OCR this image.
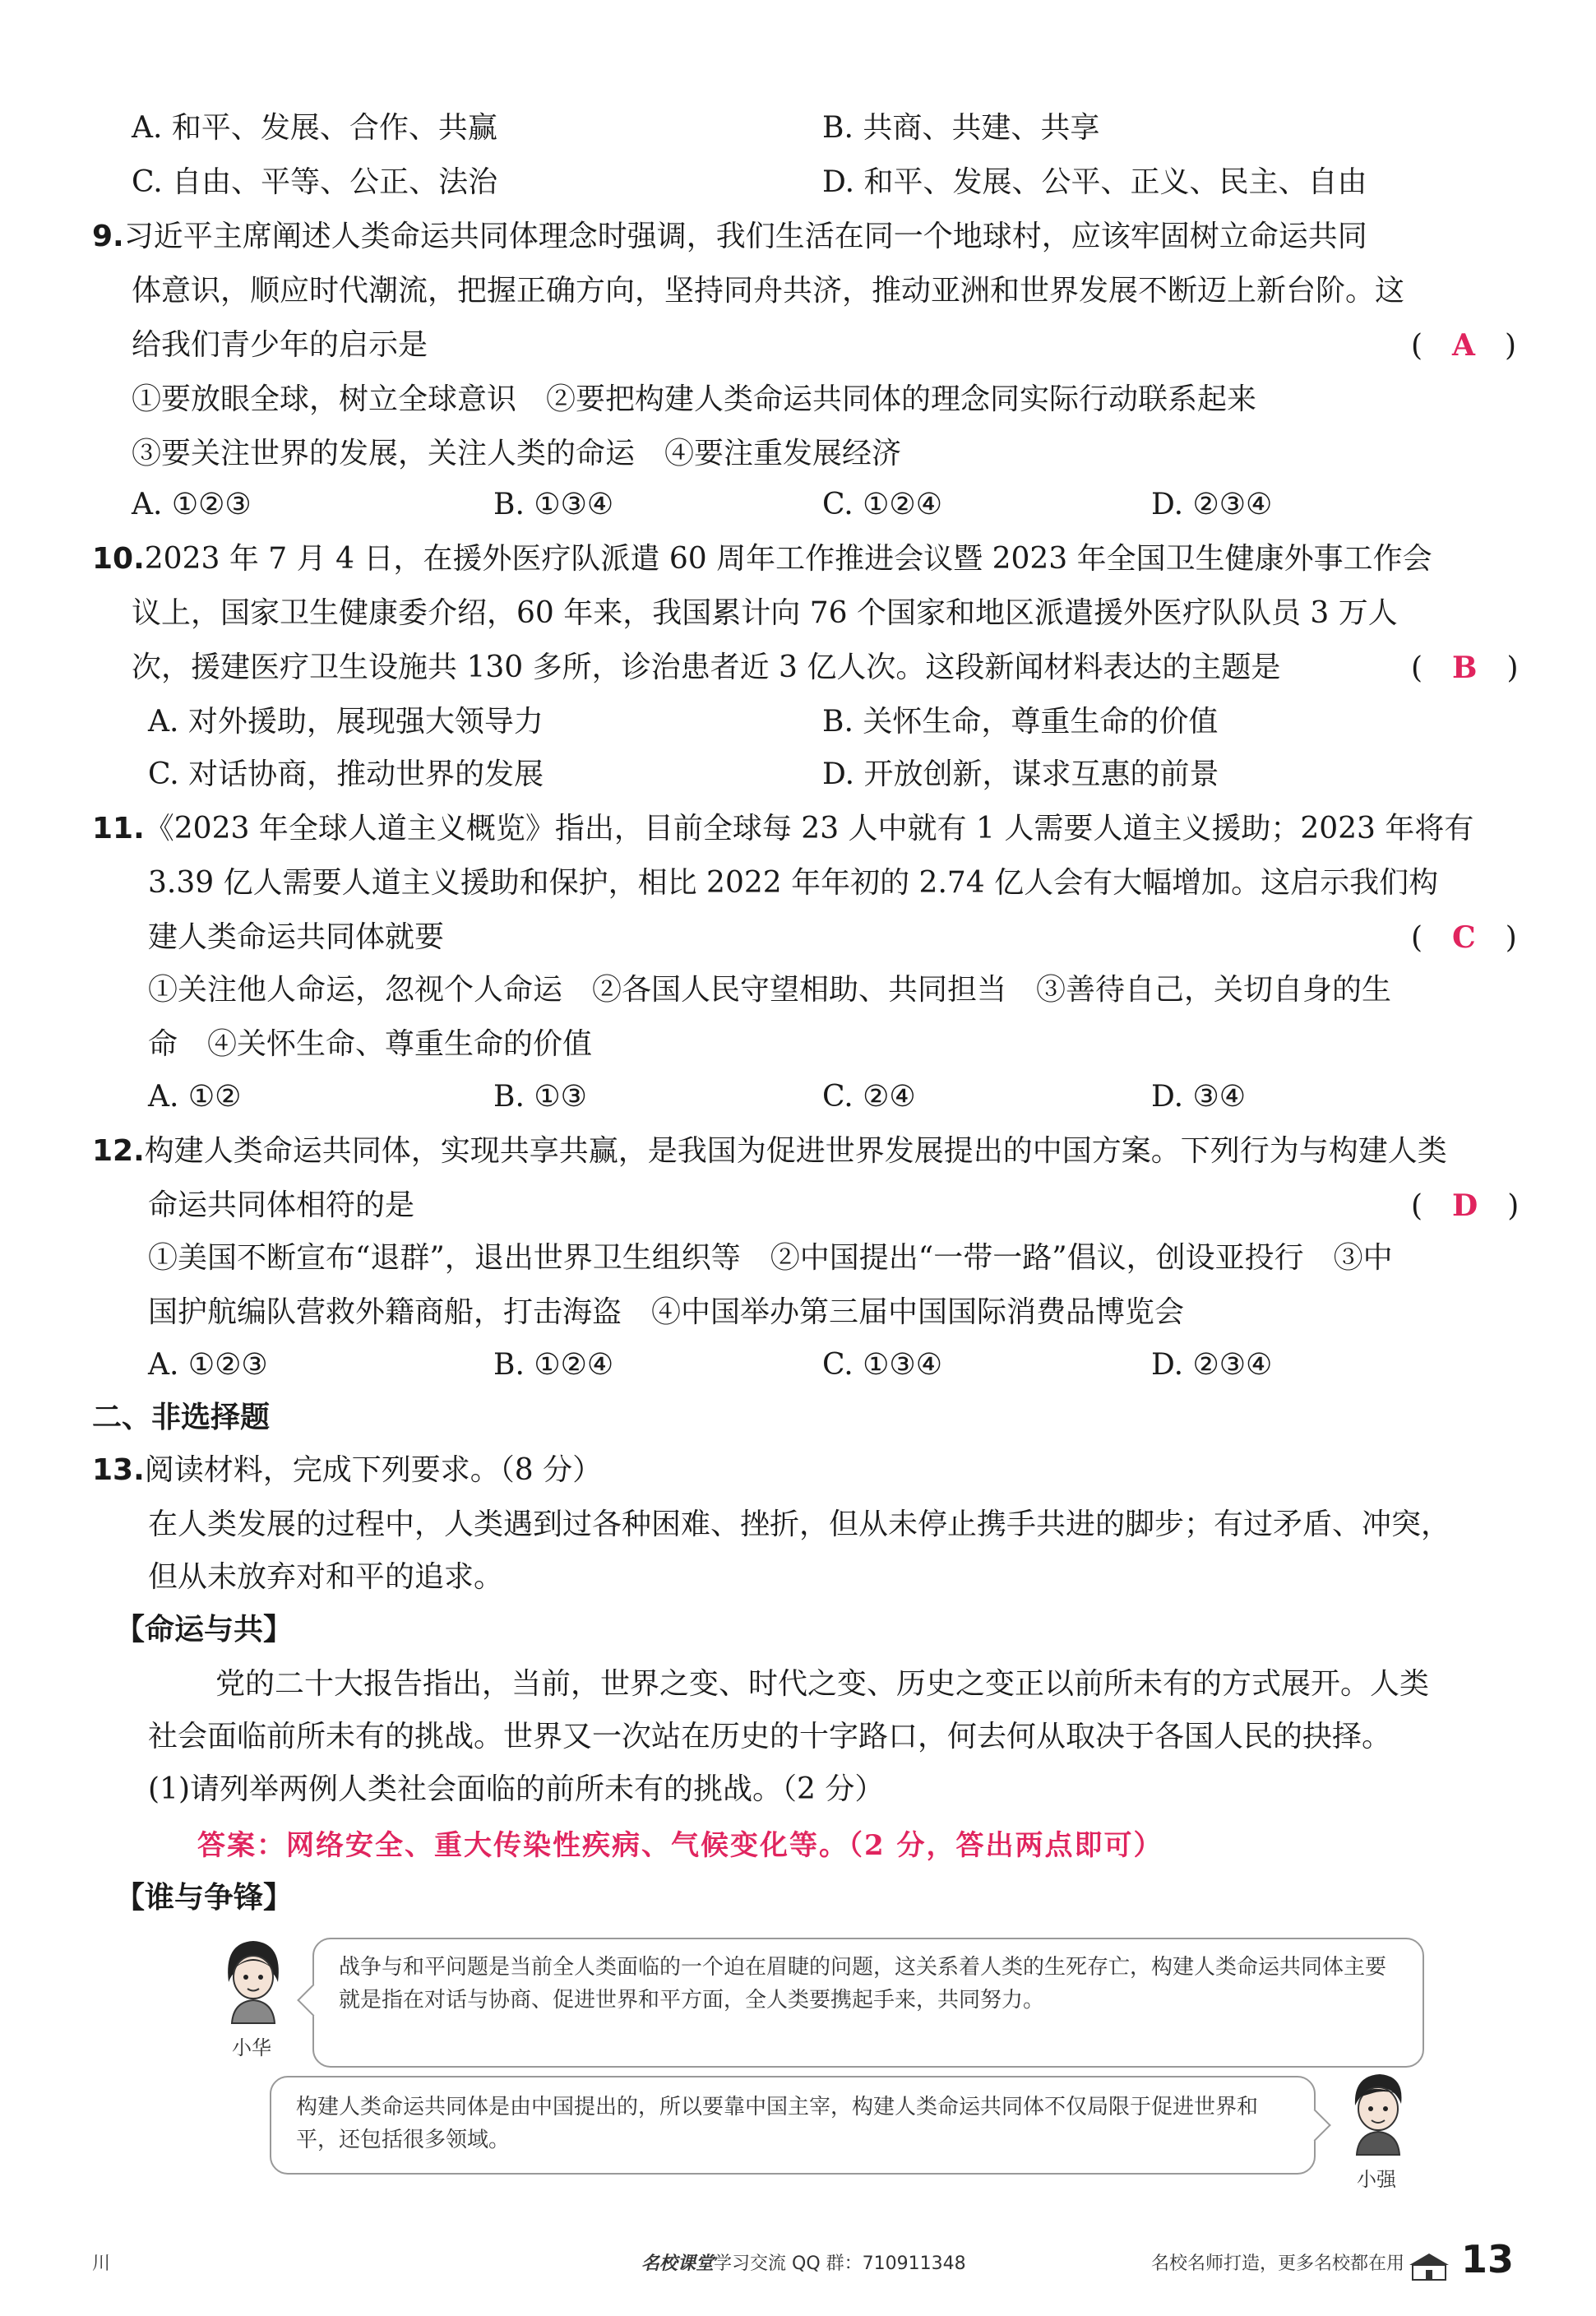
A. 和平、发展、合作、共赢	B. 共商、共建、共享
C. 自由、平等、公正、法治	D. 和平、发展、公平、正义、民主、自由
9.习近平主席阐述人类命运共同体理念时强调，我们生活在同一个地球村，应该牢固树立命运共同
体意识，顺应时代潮流，把握正确方向，坚持同舟共济，推动亚洲和世界发展不断迈上新台阶。这
给我们青少年的启示是	(　A　)
①要放眼全球，树立全球意识　②要把构建人类命运共同体的理念同实际行动联系起来
③要关注世界的发展，关注人类的命运　④要注重发展经济
A. ①②③	B. ①③④	C. ①②④	D. ②③④
10.2023 年 7 月 4 日，在援外医疗队派遣 60 周年工作推进会议暨 2023 年全国卫生健康外事工作会
议上，国家卫生健康委介绍，60 年来，我国累计向 76 个国家和地区派遣援外医疗队队员 3 万人
次，援建医疗卫生设施共 130 多所，诊治患者近 3 亿人次。这段新闻材料表达的主题是	(　B　)
A. 对外援助，展现强大领导力	B. 关怀生命，尊重生命的价值
C. 对话协商，推动世界的发展	D. 开放创新，谋求互惠的前景
11.《2023 年全球人道主义概览》指出，目前全球每 23 人中就有 1 人需要人道主义援助；2023 年将有
3.39 亿人需要人道主义援助和保护，相比 2022 年年初的 2.74 亿人会有大幅增加。这启示我们构
建人类命运共同体就要	(　C　)
①关注他人命运，忽视个人命运　②各国人民守望相助、共同担当　③善待自己，关切自身的生
命　④关怀生命、尊重生命的价值
A. ①②	B. ①③	C. ②④	D. ③④
12.构建人类命运共同体，实现共享共赢，是我国为促进世界发展提出的中国方案。下列行为与构建人类
命运共同体相符的是	(　D　)
①美国不断宣布“退群”，退出世界卫生组织等　②中国提出“一带一路”倡议，创设亚投行　③中
国护航编队营救外籍商船，打击海盗　④中国举办第三届中国国际消费品博览会
A. ①②③	B. ①②④	C. ①③④	D. ②③④
二、非选择题
13.阅读材料，完成下列要求。（8 分）
在人类发展的过程中，人类遇到过各种困难、挫折，但从未停止携手共进的脚步；有过矛盾、冲突，
但从未放弃对和平的追求。
【命运与共】
党的二十大报告指出，当前，世界之变、时代之变、历史之变正以前所未有的方式展开。人类
社会面临前所未有的挑战。世界又一次站在历史的十字路口，何去何从取决于各国人民的抉择。
(1)请列举两例人类社会面临的前所未有的挑战。（2 分）
答案：网络安全、重大传染性疾病、气候变化等。（2 分，答出两点即可）
【谁与争锋】
小华
战争与和平问题是当前全人类面临的一个迫在眉睫的问题，这关系着人类的生死存亡，构建人类命运共同体主要就是指在对话与协商、促进世界和平方面，全人类要携起手来，共同努力。
构建人类命运共同体是由中国提出的，所以要靠中国主宰，构建人类命运共同体不仅局限于促进世界和平，还包括很多领域。
小强
川	名校课堂学习交流 QQ 群：710911348	名校名师打造，更多名校都在用 13
